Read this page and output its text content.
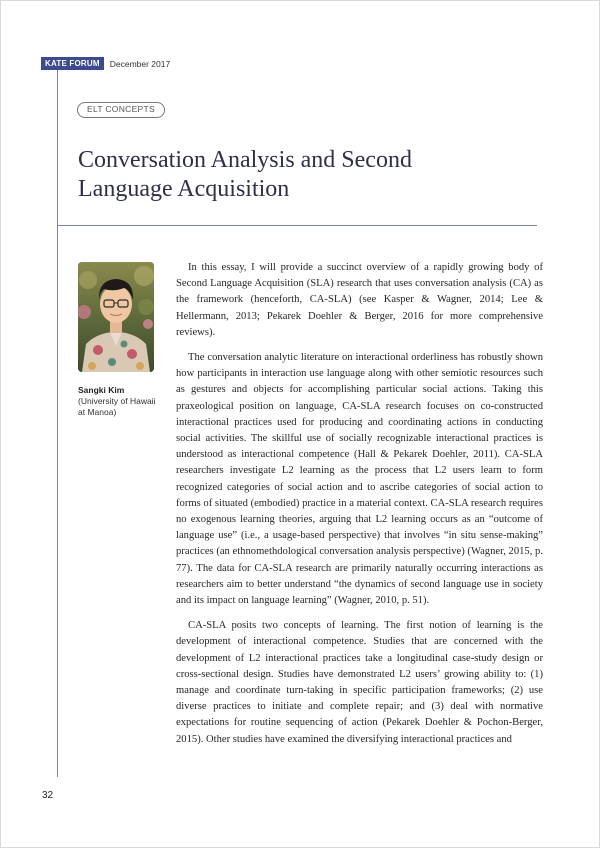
KATE FORUM	December 2017
ELT CONCEPTS
Conversation Analysis and Second Language Acquisition
Sangki Kim
(University of Hawaii at Manoa)

In this essay, I will provide a succinct overview of a rapidly growing body of Second Language Acquisition (SLA) research that uses conversation analysis (CA) as the framework (henceforth, CA-SLA) (see Kasper & Wagner, 2014; Lee & Hellermann, 2013; Pekarek Doehler & Berger, 2016 for more comprehensive reviews).

The conversation analytic literature on interactional orderliness has robustly shown how participants in interaction use language along with other semiotic resources such as gestures and objects for accomplishing particular social actions. Taking this praxeological position on language, CA-SLA research focuses on co-constructed interactional practices used for producing and coordinating actions in conducting social activities. The skillful use of socially recognizable interactional practices is understood as interactional competence (Hall & Pekarek Doehler, 2011). CA-SLA researchers investigate L2 learning as the process that L2 users learn to form recognized categories of social action and to ascribe categories of social action to forms of situated (embodied) practice in a material context. CA-SLA research requires no exogenous learning theories, arguing that L2 learning occurs as an “outcome of language use” (i.e., a usage-based perspective) that involves “in situ sense-making” practices (an ethnomethdological conversation analysis perspective) (Wagner, 2015, p. 77). The data for CA-SLA research are primarily naturally occurring interactions as researchers aim to better understand “the dynamics of second language use in society and its impact on language learning” (Wagner, 2010, p. 51).

CA-SLA posits two concepts of learning. The first notion of learning is the development of interactional competence. Studies that are concerned with the development of L2 interactional practices take a longitudinal case-study design or cross-sectional design. Studies have demonstrated L2 users’ growing ability to: (1) manage and coordinate turn-taking in specific participation frameworks; (2) use diverse practices to initiate and complete repair; and (3) deal with normative expectations for routine sequencing of action (Pekarek Doehler & Pochon-Berger, 2015). Other studies have examined the diversifying interactional practices and

32
